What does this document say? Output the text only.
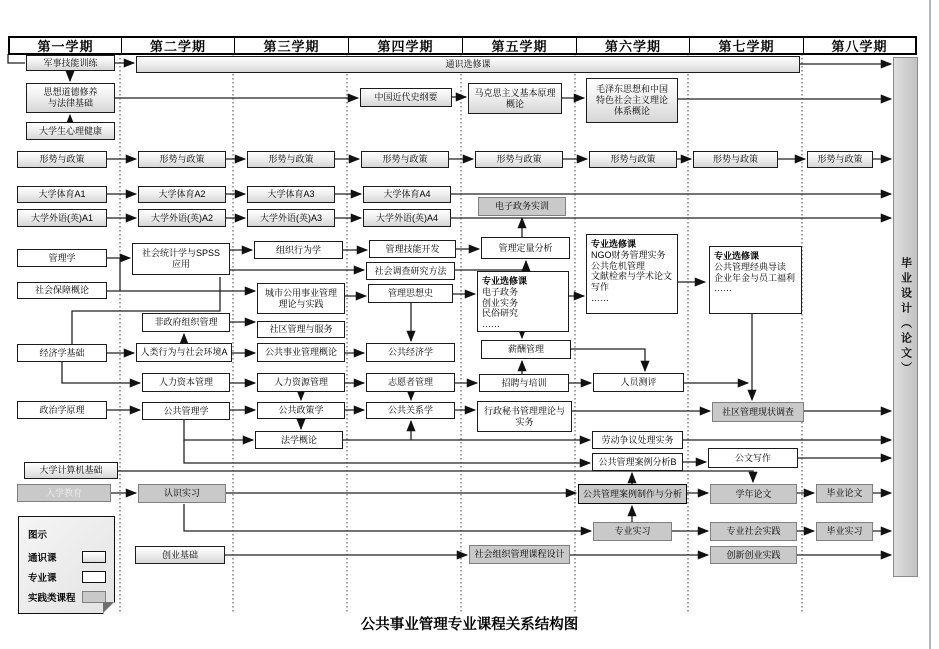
第一学期	第二学期	第三学期	第四学期	第五学期	第六学期	第七学期	第八学期
军事技能训练	通识选修课
思想道德修养
与法律基础
大学生心理健康
形势与政策	形势与政策	形势与政策	形势与政策	形势与政策	形势与政策	形势与政策	形势与政策
大学体育A1	大学体育A2	大学体育A3	大学体育A4
大学外语(英)A1	大学外语(英)A2	大学外语(英)A3	大学外语(英)A4
中国近代史纲要	马克思主义基本原理
概论
毛泽东思想和中国
特色社会主义理论
体系概论
管理学
社会保障概论
经济学基础
政治学原理
大学计算机基础
入学教育
社会统计学与SPSS
应用
非政府组织管理
人类行为与社会环境A
人力资本管理
公共管理学
认识实习
创业基础
组织行为学
城市公用事业管理
理论与实践
社区管理与服务
公共事业管理概论
人力资源管理
公共政策学
法学概论
管理技能开发
社会调查研究方法
管理思想史
公共经济学
志愿者管理
公共关系学
电子政务实训
管理定量分析
专业选修课
电子政务
创业实务
民俗研究
……
薪酬管理
招聘与培训
行政秘书管理理论与
实务
社会组织管理课程设计
专业选修课
NGO财务管理实务
公共危机管理
文献检索与学术论文
写作
……
人员测评
劳动争议处理实务
公共管理案例分析B
公共管理案例制作与分析
专业实习
专业选修课
公共管理经典导读
企业年金与员工福利
……
社区管理现状调查
公文写作
学年论文
专业社会实践
创新创业实践
毕业论文
毕业实习
毕业设计（论文）
图示
通识课
专业课
实践类课程
公共事业管理专业课程关系结构图
